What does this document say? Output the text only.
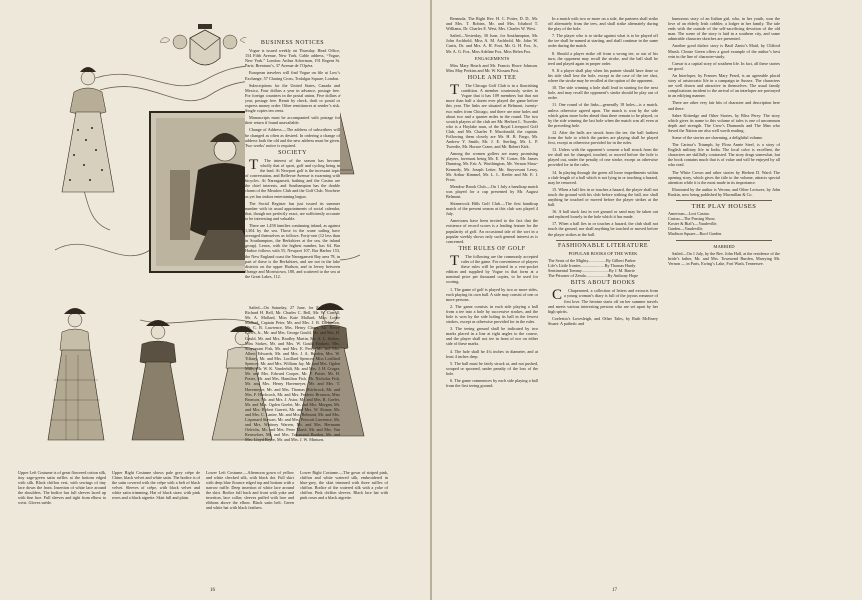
Upper Left Costume is of great flowered cotton silk, tiny sage-green satin ruffles at the bottom edged with silk. Black chiffon vest, with sewings of tiny lace down the front. Insertion of white lace around the shoulders. The bodice has full sleeves laced up with fine lace. Full sleeves and tight from elbow to wrist. Gloves suède.
Upper Right Costume shows pale grey crêpe de Chine, black velvet and white satin. The bodice is of the satin covered with the crêpe with a belt of black velvet. Sleeves of crêpe, with black velvet and white satin trimming. Hat of black straw with pink roses and a black aigrette. Skirt full and plain.
Lower Left Costume.—Afternoon gown of yellow and white checked silk, with black dot. Full skirt with deep blue flounce edged top and bottom with a narrow ruffle. Deep insertion of white lace around the skirt. Bodice full back and front with yoke and insertion, lace collar; sleeves puffed with lace and ribbons above the elbow. Black satin belt. Green and white hat with black feathers.
Lower Right Costume.—The gown of striped pink, chiffon and white watered silk, embroidered in blue-grey, the skirt trimmed with three ruffles of chiffon. Bodice of the watered silk with a yoke of chiffon. Pink chiffon sleeves. Black lace hat with pink roses and a black aigrette.
16
BUSINESS NOTICES

Vogue is issued weekly on Thursday. Head Office, 154 Fifth Avenue, New York. Cable address, “Vogue, New York.” London: Arthur Ackerman, 191 Regent St. Paris: Brentano’s, 37 Avenue de l’Opéra.

European travelers will find Vogue on file at Low’s Exchange, 57 Charing Cross, Trafalgar Square, London.

Subscriptions for the United States, Canada and Mexico, Four dollars a year in advance, postage free. For foreign countries in the postal union, Five dollars a year, postage free. Remit by check, draft or postal or express money order. Other remittances at sender’s risk. Single copies ten cents.

Manuscripts must be accompanied with postage for their return if found unavailable.

Change of Address.—The address of subscribers will be changed as often as desired. In ordering a change of address both the old and the new address must be given. Two weeks’ notice is required.

SOCIETY

T The interest of the season has become wholly that of sport, golf and cycling being in the lead. At Newport golf is the incessant topic of conversation, and Bellevue Avenue is swarming with bicycles. At Narragansett, bathing and the Casino are the chief interests, and Southampton has the double charm of the Meadow Club and the Golf Club. Nowhere as yet has indoor entertaining begun.

The Social Register has just issued its summer number with its usual appointments of social calendar, that, though not perfectly exact, are sufficiently accurate to be interesting and valuable.

There are 1,458 families continuing inland, as against 1,304 by the sea. Those in the wane sailing have averaged themselves as follows: Forty-one (12 less than in Southampton, the Berkshires at the sea, the inland group). Lenox, with the highest number, has 64. Bar Harbor follows with 55, Newport 107, Bar Harbor 153, the New England coast the Narragansett Bay area 78, in part of these is the Berkshires, and are not in the lake districts on the upper Hudson, and in Jersey between Orange and Morristown, 180, and scattered to the sea at the Great Lakes, 112.

Sailed—On Saturday, 27 June, for Europe, Mrs. Richard H. Bell, Mr. Charles C. Bell, Mr. W. Carroll, Mr. A. Mallard, Miss Kate Mallard, Miss Lottie Mallard, Captain Peter, Mr. and Mrs. J. R. Dickinson, Mr. C. B. Lawrence, Mrs. Henry Clews, Mr. Henry Clews, Jr., Mr. and Mrs. George Gould, Mr. and Mrs. H. Gould, Mr. and Mrs. Bradley Martin, Mr. A. L. Stokes, Miss Stokes, Mr. and Mrs. W. Gould Brokaw, Mrs. Stuyvesant Fish, Mr. and Mrs. E. Perry, Mr. and Mrs. Albert Edwards, Mr. and Mrs. J. A. Burden, Mrs. W. Tiffany, Mr. and Mrs. Lorillard Spencer, Miss Lorillard Spencer, Mr. and Mrs. William Jay, Mr. and Mrs. Ogden Mills, Mr. W. K. Vanderbilt, Mr. and Mrs. J. H. Cruger, Mr. and Mrs. Edward Cooper, Mr. F. Potter, Mr. H. Potter, Mr. and Mrs. Hamilton Fish, Mr. Nicholas Fish, Mr. and Mrs. Henry Havemeyer, Mr. and Mrs. T. Havemeyer, Mr. and Mrs. Thomas Hitchcock, Mr. and Mrs. F. Hitchcock, Mr. and Mrs. Frederic Bronson, Miss Bronson, Mr. and Mrs. J. Astor, Mr. and Mrs. R. Goelet, Mr. and Mrs. Ogden Goelet, Mr. and Mrs. Morgan, Mr. and Mrs. Robert Garrett, Mr. and Mrs. W. Sloane, Mr. and Mrs. C. Lanier, Mr. and Mrs. Belmont, Mr. and Mrs. Lispenard Stewart, Mr. and Mrs. Prescott Lawrence, Mr. and Mrs. Whitney Warren, Mr. and Mrs. Hermann Oelrichs, Mr. and Mrs. Peter Marié, Mr. and Mrs. Van Rensselaer, Mr. and Mrs. Townsend Burden, Mr. and Mrs. Lloyd Bryce, Mr. and Mrs. J. W. Minturn.

Bermuda, The Right Rev. H. C. Potter, D. D., Mr. and Mrs. T. Robins, Mr. and Mrs. Ichabod T. Williams, Dr. Charles E. West, Mrs. Charles W. West.

Sailed—Yesterday, 30 June, for Southampton, Mr. John Archbold, Miss A. M. Archbold, Mr. John W. Curtis, Dr. and Mrs. A. H. Foot, Mr. G. H. Fox, Jr., Mr. A. G. Fox, Miss Adeline Fox, Miss Helen Fox.

ENGAGEMENTS

Miss Mary Beach and Mr. Francis Howe Johnson. Miss May Perkins and Mr. W. Kissam Post.

HOLE AND TEE

T The Chicago Golf Club is in a flourishing condition. A member courteously writes to Vogue that it has 109 members but that not more than half a dozen ever played the game before this year. The links are situated at Belmont, twenty-two miles from Chicago, and there are nine holes and about two and a quarter miles in the round. The two scratch players of the club are Mr. Herbert L. Tweedie, who is a Hoylake man, of the Royal Liverpool Golf Club, and Mr. Charles F. Macdonald, the captain. Following them closely are Mr. H. B. Fargo, Mr. Andrew Y. Smith, Mr. J. E. Sterling, Mr. L. P. Tweedie, Mr. Horace Crane, and Mr. Robert Kirk.

Among the women golfers are many promising players, foremost being Mr. E. W. Coster, Mr. James Dunning, Mr. Eric A. Worthington, Mr. Vernon Shaw-Kennedy, Mr. Joseph Leiter, Mr. Stuyvesant Leroy, Mr. Arthur Kimmel, Mr. L. L. Keeler and Mr. E. I. Frost.

Meadow Brook Club.—On 1 July a handicap match was played for a cup presented by Mr. August Belmont.

Shinnecock Hills Golf Club.—The first handicap match of the present season at this club was played 4 July.

Americans have been invited to the fact that the existence of record scores is a leading feature for the popularity of golf. An occasional tale of the sort in a popular weekly shows only such general interest as is concerned.

THE RULES OF GOLF

T The following are the commonly accepted rules of the game. For convenience of players these rules will be printed in a vest-pocket edition and supplied by Vogue in that form at a nominal price per thousand copies, to be used for scoring.

1. The game of golf is played by two or more sides, each playing its own ball. A side may consist of one or more persons.

2. The game consists in each side playing a ball from a tee into a hole by successive strokes, and the hole is won by the side holing its ball in the fewest strokes, except as otherwise provided for in the rules.

3. The teeing ground shall be indicated by two marks placed in a line at right angles to the course, and the player shall not tee in front of nor on either side of these marks.

4. The hole shall be 4¼ inches in diameter, and at least 4 inches deep.

5. The ball must be fairly struck at, and not pushed, scraped or spooned, under penalty of the loss of the hole.

6. The game commences by each side playing a ball from the first teeing ground.

In a match with two or more on a side, the partners shall strike off alternately from the tees, and shall strike alternately during the play of the hole.

7. The player who is to strike against what is to be played off the tee shall be named at starting, and shall continue in the same order during the match.

8. Should a player strike off from a wrong tee, or out of his turn, the opponent may recall the stroke, and the ball shall be teed and played again in proper order.

9. If a player shall play when his partner should have done so his side shall lose the hole, except in the case of the tee shot, where the stroke may be recalled at the option of the opponent.

10. The side winning a hole shall lead in starting for the next hole, and may recall the opponent’s stroke should he play out of order.

11. One round of the links—generally 18 holes—is a match, unless otherwise agreed upon. The match is won by the side which gains more holes ahead than there remain to be played, or by the side winning the last hole when the match was all even at the preceding hole.

12. After the balls are struck from the tee, the ball farthest from the hole to which the parties are playing shall be played first, except as otherwise provided for in the rules.

13. Unless with the opponent’s consent a ball struck from the tee shall not be changed, touched, or moved before the hole is played out, under the penalty of one stroke, except as otherwise provided for in the rules.

14. In playing through the green all loose impediments within a club-length of a ball which is not lying in or touching a hazard, may be removed.

15. When a ball lies in or touches a hazard, the player shall not touch the ground with his club before striking the ball, nor shall anything be touched or moved before the player strikes at the ball.

16. A ball stuck fast in wet ground or sand may be taken out and replaced loosely in the hole which it has made.

17. When a ball lies in or touches a hazard, the club shall not touch the ground, nor shall anything be touched or moved before the player strikes at the ball.

FASHIONABLE LITERATURE
POPULAR BOOKS OF THE WEEK
The Seats of the Mighty.................By Gilbert Parker
Life’s Little Ironies.......................By Thomas Hardy
Sentimental Tommy..........................By J. M. Barrie
The Prisoner of Zenda.....................By Anthony Hope
BITS ABOUT BOOKS

C Chaperoned, a collection of letters and extracts from a young woman’s diary is full of the joyous romance of first love. The heroine starts off on her summer travels and meets various interesting persons who are set apart by her high spirits.

Coelestia’s Lovesleigh, and Other Tales, by Ruth McEnery Stuart: A pathetic and

humorous story of an Italian girl, who, in her youth, won the love of an elderly Irish cobbler, a lodger in her family. The tale ends with the outside of the self-sacrificing devotion of the old man. The scene of the story is laid in a southern city, and some admirable character sketches are presented.

Another good dialect story is Basil Zanto’s Maid, by Clifford Marsh. Cleone Green offers a good example of the author’s best vein in the line of character-study.

Caesar is a capital story of southern life. In fact, all these stories are good.

An Interloper, by Frances Mary Peard, is an agreeable placid story of aristocratic life in a campaign in Sussex. The characters are well drawn and attractive in themselves. The usual family complications incident to the arrival of an interloper are portrayed in an edifying manner.

There are other very fair bits of character and description here and there.

Sabre Kittredge and Other Stories, by Bliss Perry: The story which gives its name to this volume of tales is one of uncommon depth and strength. The Crew’s Diamonds and The Man who Saved the Nation are also well worth reading.

Some of the stories are charming, a delightful volume.

The Carissa’s Triumph, by Flora Annie Steel, is a story of English military life in India. The local color is excellent, the characters are skillfully contrasted. The story drags somewhat, but the book contains much that is of value and will be enjoyed by all who read.

The White Crown and other stories by Herbert D. Ward: The opening story, which gives the title to the volume, attracts special attention while it is the most made in its importance.

Illustrated by the author is Verona, and Other Lectures, by John Ruskin, now being published by Macmillan & Co.

THE PLAY HOUSES
American—Lost Casino.
Casino—The Passing Show.
Koster & Bial’s—Vaudeville.
Garden—Vaudeville.
Madison Square—Roof Garden.
MARRIED

Sailed—On 1 July, by the Rev. John Hall, at the residence of the bride’s father, Mr. and Mrs. Townsend Burden, Marrying Mr. Vernon — in Paris, Ewing’s Lake, Fort Wash, Tennessee.

17
